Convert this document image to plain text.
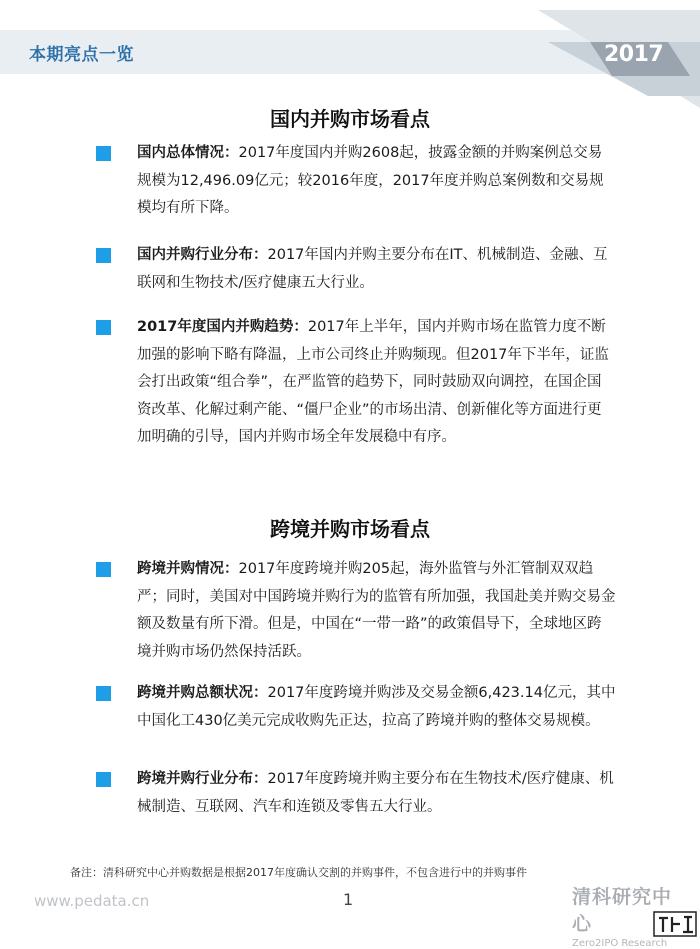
本期亮点一览	2017
国内并购市场看点
国内总体情况：2017年度国内并购2608起，披露金额的并购案例总交易规模为12,496.09亿元；较2016年度，2017年度并购总案例数和交易规模均有所下降。
国内并购行业分布：2017年国内并购主要分布在IT、机械制造、金融、互联网和生物技术/医疗健康五大行业。
2017年度国内并购趋势：2017年上半年，国内并购市场在监管力度不断加强的影响下略有降温，上市公司终止并购频现。但2017年下半年，证监会打出政策“组合拳”，在严监管的趋势下，同时鼓励双向调控，在国企国资改革、化解过剩产能、“僵尸企业”的市场出清、创新催化等方面进行更加明确的引导，国内并购市场全年发展稳中有序。
跨境并购市场看点
跨境并购情况：2017年度跨境并购205起，海外监管与外汇管制双双趋严；同时，美国对中国跨境并购行为的监管有所加强，我国赴美并购交易金额及数量有所下滑。但是，中国在“一带一路”的政策倡导下，全球地区跨境并购市场仍然保持活跃。
跨境并购总额状况：2017年度跨境并购涉及交易金额6,423.14亿元，其中中国化工430亿美元完成收购先正达，拉高了跨境并购的整体交易规模。
跨境并购行业分布：2017年度跨境并购主要分布在生物技术/医疗健康、机械制造、互联网、汽车和连锁及零售五大行业。
备注：清科研究中心并购数据是根据2017年度确认交割的并购事件，不包含进行中的并购事件
www.pedata.cn	1	清科研究中心
Zero2IPO Research
